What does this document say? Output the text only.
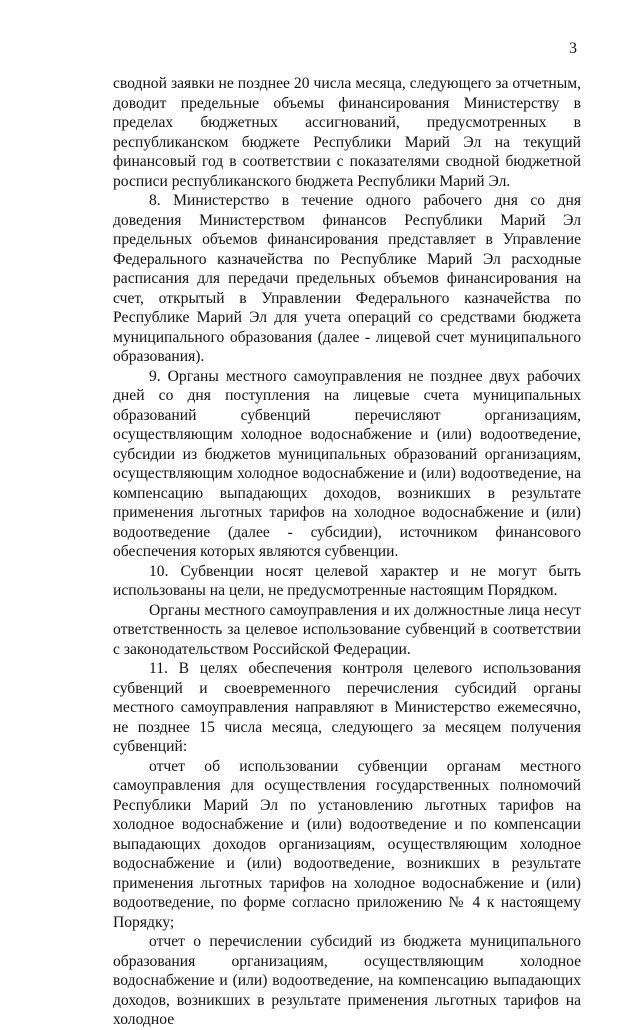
3

сводной заявки не позднее 20 числа месяца, следующего за отчетным, доводит предельные объемы финансирования Министерству в пределах бюджетных ассигнований, предусмотренных в республиканском бюджете Республики Марий Эл на текущий финансовый год в соответствии с показателями сводной бюджетной росписи республиканского бюджета Республики Марий Эл.

8. Министерство в течение одного рабочего дня со дня доведения Министерством финансов Республики Марий Эл предельных объемов финансирования представляет в Управление Федерального казначейства по Республике Марий Эл расходные расписания для передачи предельных объемов финансирования на счет, открытый в Управлении Федерального казначейства по Республике Марий Эл для учета операций со средствами бюджета муниципального образования (далее - лицевой счет муниципального образования).

9. Органы местного самоуправления не позднее двух рабочих дней со дня поступления на лицевые счета муниципальных образований субвенций перечисляют организациям, осуществляющим холодное водоснабжение и (или) водоотведение, субсидии из бюджетов муниципальных образований организациям, осуществляющим холодное водоснабжение и (или) водоотведение, на компенсацию выпадающих доходов, возникших в результате применения льготных тарифов на холодное водоснабжение и (или) водоотведение (далее - субсидии), источником финансового обеспечения которых являются субвенции.

10. Субвенции носят целевой характер и не могут быть использованы на цели, не предусмотренные настоящим Порядком.

Органы местного самоуправления и их должностные лица несут ответственность за целевое использование субвенций в соответствии с законодательством Российской Федерации.

11. В целях обеспечения контроля целевого использования субвенций и своевременного перечисления субсидий органы местного самоуправления направляют в Министерство ежемесячно, не позднее 15 числа месяца, следующего за месяцем получения субвенций:

отчет об использовании субвенции органам местного самоуправления для осуществления государственных полномочий Республики Марий Эл по установлению льготных тарифов на холодное водоснабжение и (или) водоотведение и по компенсации выпадающих доходов организациям, осуществляющим холодное водоснабжение и (или) водоотведение, возникших в результате применения льготных тарифов на холодное водоснабжение и (или) водоотведение, по форме согласно приложению № 4 к настоящему Порядку;

отчет о перечислении субсидий из бюджета муниципального образования организациям, осуществляющим холодное водоснабжение и (или) водоотведение, на компенсацию выпадающих доходов, возникших в результате применения льготных тарифов на холодное
